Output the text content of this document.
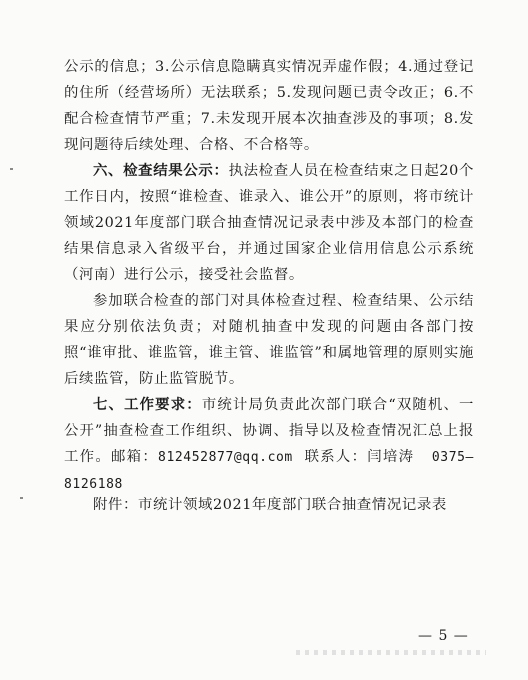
公示的信息；3.公示信息隐瞒真实情况弄虚作假；4.通过登记的住所（经营场所）无法联系；5.发现问题已责令改正；6.不配合检查情节严重；7.未发现开展本次抽查涉及的事项；8.发现问题待后续处理、合格、不合格等。
六、检查结果公示：执法检查人员在检查结束之日起20个工作日内，按照“谁检查、谁录入、谁公开”的原则，将市统计领域2021年度部门联合抽查情况记录表中涉及本部门的检查结果信息录入省级平台，并通过国家企业信用信息公示系统（河南）进行公示，接受社会监督。
参加联合检查的部门对具体检查过程、检查结果、公示结果应分别依法负责；对随机抽查中发现的问题由各部门按照“谁审批、谁监管，谁主管、谁监管”和属地管理的原则实施后续监管，防止监管脱节。
七、工作要求：市统计局负责此次部门联合“双随机、一公开”抽查检查工作组织、协调、指导以及检查情况汇总上报工作。邮箱：812452877@qq.com 联系人：闫培涛 0375—8126188
附件：市统计领域2021年度部门联合抽查情况记录表
— 5 —
